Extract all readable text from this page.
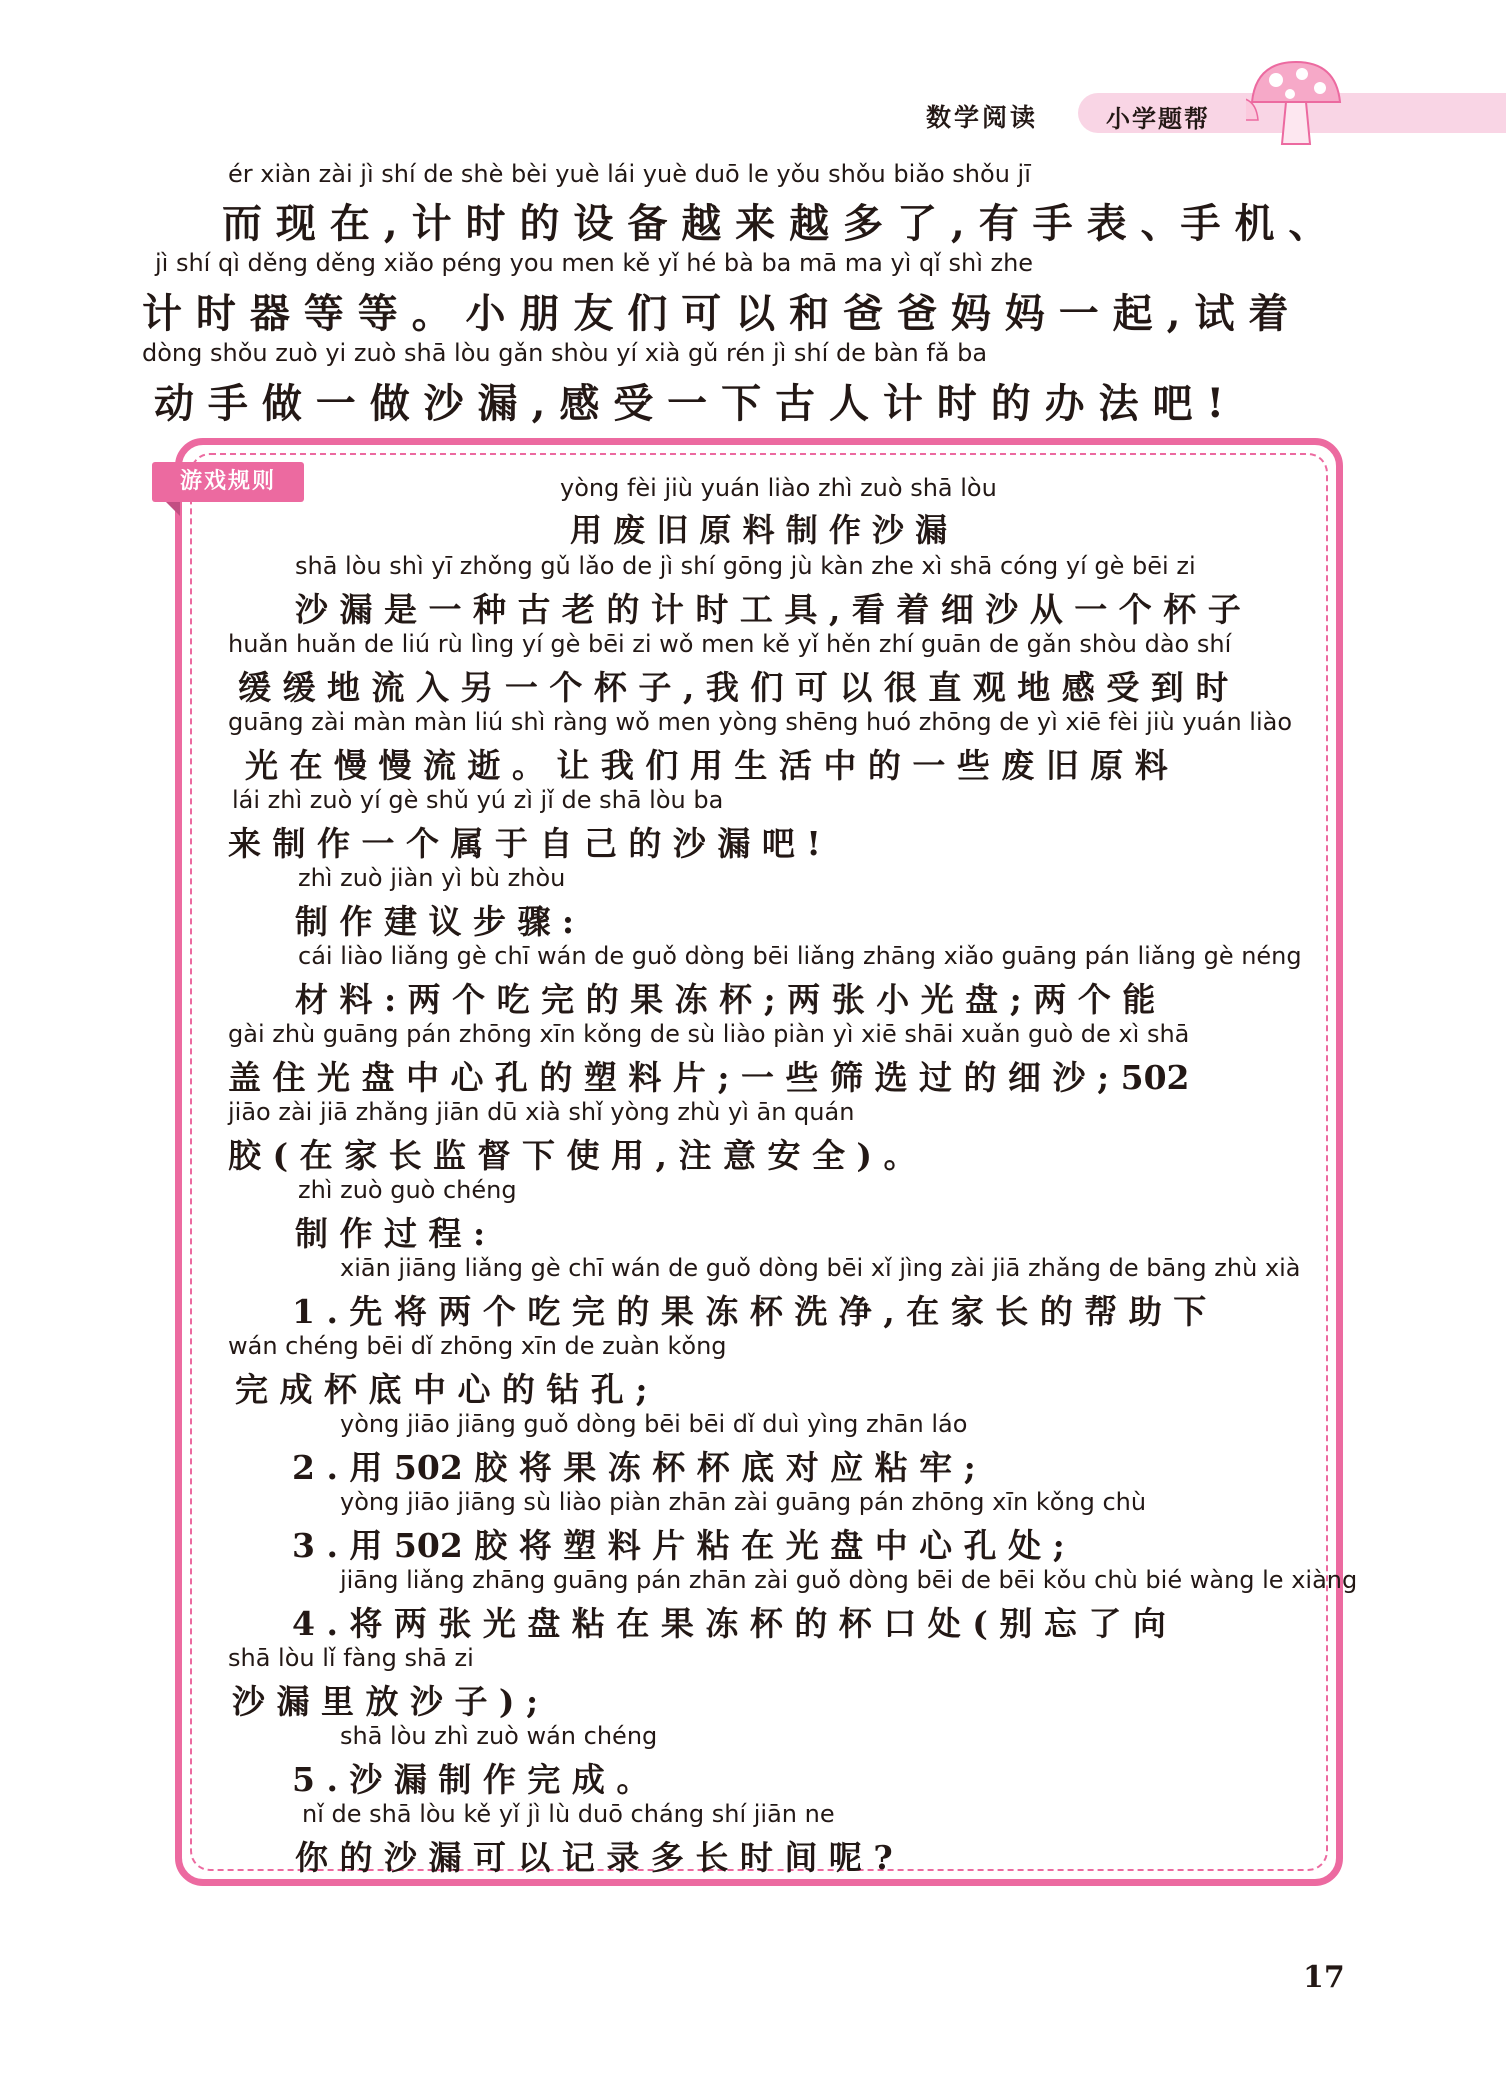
数学阅读	小学题帮
ér xiàn zài jì shí de shè bèi yuè lái yuè duō le yǒu shǒu biǎo shǒu jī
而 现 在 , 计 时 的 设 备 越 来 越 多 了 , 有 手 表 、手 机 、
jì shí qì děng děng xiǎo péng you men kě yǐ hé bà ba mā ma yì qǐ shì zhe
计 时 器 等 等 。 小 朋 友 们 可 以 和 爸 爸 妈 妈 一 起 , 试 着
dòng shǒu zuò yi zuò shā lòu gǎn shòu yí xià gǔ rén jì shí de bàn fǎ ba
动 手 做 一 做 沙 漏 , 感 受 一 下 古 人 计 时 的 办 法 吧 !
游戏规则	yòng fèi jiù yuán liào zhì zuò shā lòu
用 废 旧 原 料 制 作 沙 漏
shā lòu shì yī zhǒng gǔ lǎo de jì shí gōng jù kàn zhe xì shā cóng yí gè bēi zi
沙 漏 是 一 种 古 老 的 计 时 工 具 , 看 着 细 沙 从 一 个 杯 子
huǎn huǎn de liú rù lìng yí gè bēi zi wǒ men kě yǐ hěn zhí guān de gǎn shòu dào shí
缓 缓 地 流 入 另 一 个 杯 子 , 我 们 可 以 很 直 观 地 感 受 到 时
guāng zài màn màn liú shì ràng wǒ men yòng shēng huó zhōng de yì xiē fèi jiù yuán liào
光 在 慢 慢 流 逝 。 让 我 们 用 生 活 中 的 一 些 废 旧 原 料
lái zhì zuò yí gè shǔ yú zì jǐ de shā lòu ba
来 制 作 一 个 属 于 自 己 的 沙 漏 吧 !
zhì zuò jiàn yì bù zhòu
制 作 建 议 步 骤 :
cái liào liǎng gè chī wán de guǒ dòng bēi liǎng zhāng xiǎo guāng pán liǎng gè néng
材 料 : 两 个 吃 完 的 果 冻 杯 ; 两 张 小 光 盘 ; 两 个 能
gài zhù guāng pán zhōng xīn kǒng de sù liào piàn yì xiē shāi xuǎn guò de xì shā
盖 住 光 盘 中 心 孔 的 塑 料 片 ; 一 些 筛 选 过 的 细 沙 ; 502
jiāo zài jiā zhǎng jiān dū xià shǐ yòng zhù yì ān quán
胶 ( 在 家 长 监 督 下 使 用 , 注 意 安 全 ) 。
zhì zuò guò chéng
制 作 过 程 :
xiān jiāng liǎng gè chī wán de guǒ dòng bēi xǐ jìng zài jiā zhǎng de bāng zhù xià
1 . 先 将 两 个 吃 完 的 果 冻 杯 洗 净 , 在 家 长 的 帮 助 下
wán chéng bēi dǐ zhōng xīn de zuàn kǒng
完 成 杯 底 中 心 的 钻 孔 ;
yòng jiāo jiāng guǒ dòng bēi bēi dǐ duì yìng zhān láo
2 . 用 502 胶 将 果 冻 杯 杯 底 对 应 粘 牢 ;
yòng jiāo jiāng sù liào piàn zhān zài guāng pán zhōng xīn kǒng chù
3 . 用 502 胶 将 塑 料 片 粘 在 光 盘 中 心 孔 处 ;
jiāng liǎng zhāng guāng pán zhān zài guǒ dòng bēi de bēi kǒu chù bié wàng le xiàng
4 . 将 两 张 光 盘 粘 在 果 冻 杯 的 杯 口 处 ( 别 忘 了 向
shā lòu lǐ fàng shā zi
沙 漏 里 放 沙 子 ) ;
shā lòu zhì zuò wán chéng
5 . 沙 漏 制 作 完 成 。
nǐ de shā lòu kě yǐ jì lù duō cháng shí jiān ne
你 的 沙 漏 可 以 记 录 多 长 时 间 呢 ?
17
